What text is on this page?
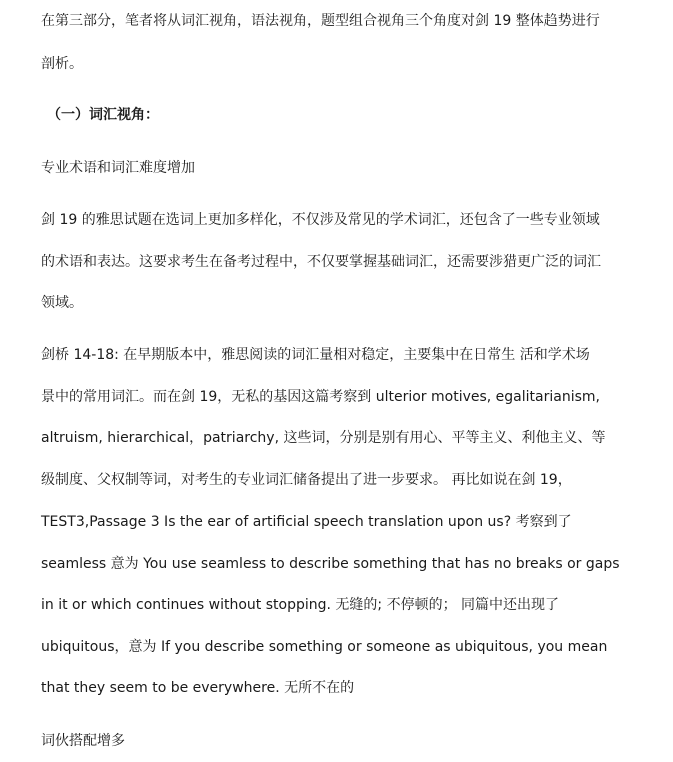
在第三部分，笔者将从词汇视角，语法视角，题型组合视角三个角度对剑 19 整体趋势进行
剖析。
（一）词汇视角：
专业术语和词汇难度增加
剑 19 的雅思试题在选词上更加多样化，不仅涉及常见的学术词汇，还包含了一些专业领域
的术语和表达。这要求考生在备考过程中，不仅要掌握基础词汇，还需要涉猎更广泛的词汇
领域。
剑桥 14-18: 在早期版本中，雅思阅读的词汇量相对稳定，主要集中在日常生 活和学术场
景中的常用词汇。而在剑 19，无私的基因这篇考察到 ulterior motives, egalitarianism,
altruism, hierarchical，patriarchy, 这些词，分别是别有用心、平等主义、利他主义、等
级制度、父权制等词，对考生的专业词汇储备提出了进一步要求。 再比如说在剑 19，
TEST3,Passage 3 Is the ear of artificial speech translation upon us? 考察到了
seamless 意为 You use seamless to describe something that has no breaks or gaps
in it or which continues without stopping. 无缝的; 不停顿的； 同篇中还出现了
ubiquitous，意为 If you describe something or someone as ubiquitous, you mean
that they seem to be everywhere. 无所不在的
词伙搭配增多
